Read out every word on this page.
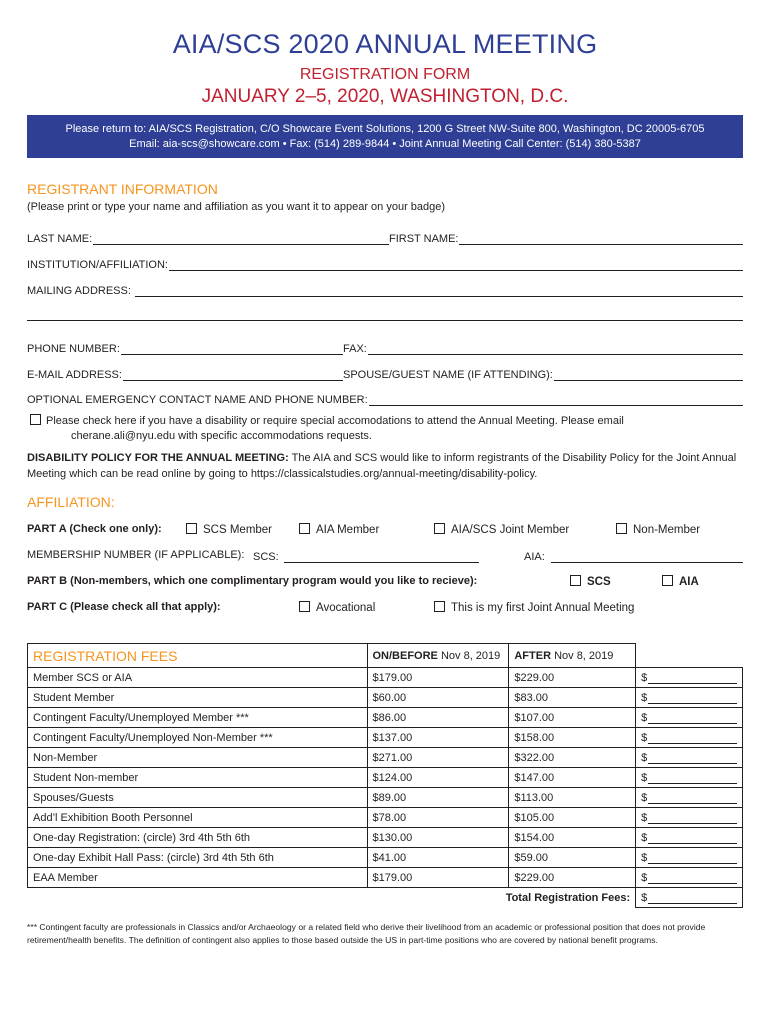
AIA/SCS 2020 ANNUAL MEETING
REGISTRATION FORM
JANUARY 2–5, 2020, WASHINGTON, D.C.
Please return to: AIA/SCS Registration, C/O Showcare Event Solutions, 1200 G Street NW-Suite 800, Washington, DC 20005-6705
Email: aia-scs@showcare.com • Fax: (514) 289-9844 • Joint Annual Meeting Call Center: (514) 380-5387
REGISTRANT INFORMATION
(Please print or type your name and affiliation as you want it to appear on your badge)
LAST NAME:	FIRST NAME:
INSTITUTION/AFFILIATION:
MAILING ADDRESS:
PHONE NUMBER:	FAX:
E-MAIL ADDRESS:	SPOUSE/GUEST NAME (IF ATTENDING):
OPTIONAL EMERGENCY CONTACT NAME AND PHONE NUMBER:
Please check here if you have a disability or require special accomodations to attend the Annual Meeting. Please email
cherane.ali@nyu.edu with specific accommodations requests.
DISABILITY POLICY FOR THE ANNUAL MEETING: The AIA and SCS would like to inform registrants of the Disability Policy for the Joint Annual Meeting which can be read online by going to https://classicalstudies.org/annual-meeting/disability-policy.
AFFILIATION:
PART A (Check one only):	SCS Member	AIA Member	AIA/SCS Joint Member	Non-Member
MEMBERSHIP NUMBER (IF APPLICABLE): SCS:	AIA:
PART B (Non-members, which one complimentary program would you like to recieve):	SCS	AIA
PART C (Please check all that apply):	Avocational	This is my first Joint Annual Meeting
REGISTRATION FEES	ON/BEFORE Nov 8, 2019	AFTER Nov 8, 2019	
Member SCS or AIA	$179.00	$229.00	$

Student Member	$60.00	$83.00	$

Contingent Faculty/Unemployed Member ***	$86.00	$107.00	$

Contingent Faculty/Unemployed Non-Member ***	$137.00	$158.00	$

Non-Member	$271.00	$322.00	$

Student Non-member	$124.00	$147.00	$

Spouses/Guests	$89.00	$113.00	$

Add’l Exhibition Booth Personnel	$78.00	$105.00	$

One-day Registration: (circle) 3rd 4th 5th 6th	$130.00	$154.00	$

One-day Exhibit Hall Pass: (circle) 3rd 4th 5th 6th	$41.00	$59.00	$

EAA Member	$179.00	$229.00	$

	Total Registration Fees:		$
*** Contingent faculty are professionals in Classics and/or Archaeology or a related field who derive their livelihood from an academic or professional position that does not provide retirement/health benefits. The definition of contingent also applies to those based outside the US in part-time positions who are covered by national benefit programs.
